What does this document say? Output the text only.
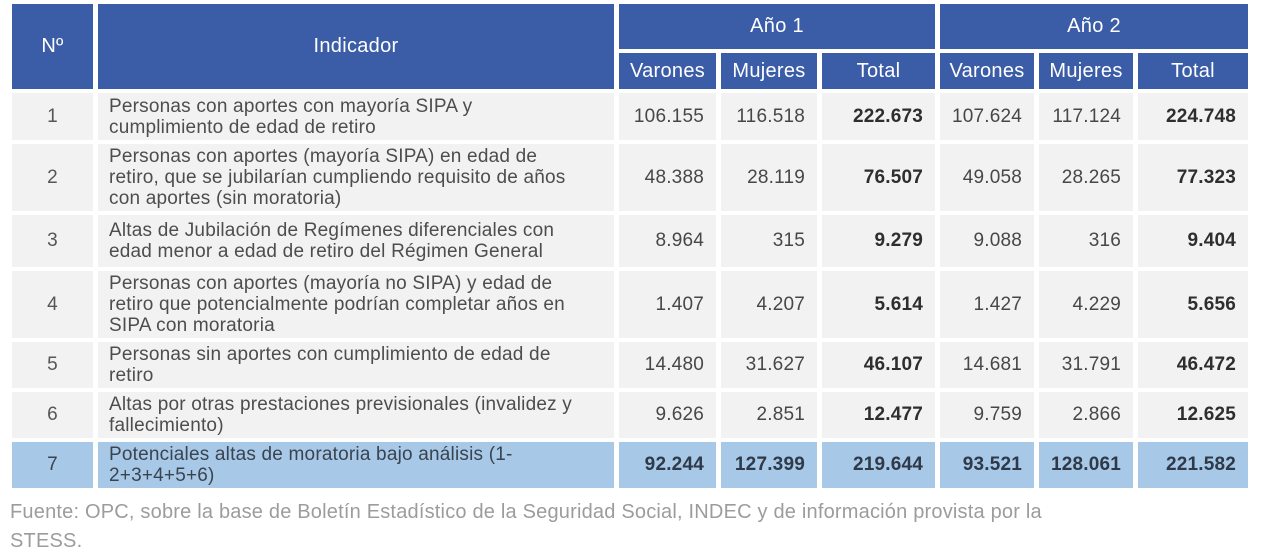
Nº	Indicador	Año 1			Año 2		
		Varones	Mujeres	Total	Varones	Mujeres	Total
1	Personas con aportes con mayoría SIPA y cumplimiento de edad de retiro	106.155	116.518	222.673	107.624	117.124	224.748
2	Personas con aportes (mayoría SIPA) en edad de retiro, que se jubilarían cumpliendo requisito de años con aportes (sin moratoria)	48.388	28.119	76.507	49.058	28.265	77.323
3	Altas de Jubilación de Regímenes diferenciales con edad menor a edad de retiro del Régimen General	8.964	315	9.279	9.088	316	9.404
4	Personas con aportes (mayoría no SIPA) y edad de retiro que potencialmente podrían completar años en SIPA con moratoria	1.407	4.207	5.614	1.427	4.229	5.656
5	Personas sin aportes con cumplimiento de edad de retiro	14.480	31.627	46.107	14.681	31.791	46.472
6	Altas por otras prestaciones previsionales (invalidez y fallecimiento)	9.626	2.851	12.477	9.759	2.866	12.625
7	Potenciales altas de moratoria bajo análisis (1-2+3+4+5+6)	92.244	127.399	219.644	93.521	128.061	221.582

Fuente: OPC, sobre la base de Boletín Estadístico de la Seguridad Social, INDEC y de información provista por la STESS.
